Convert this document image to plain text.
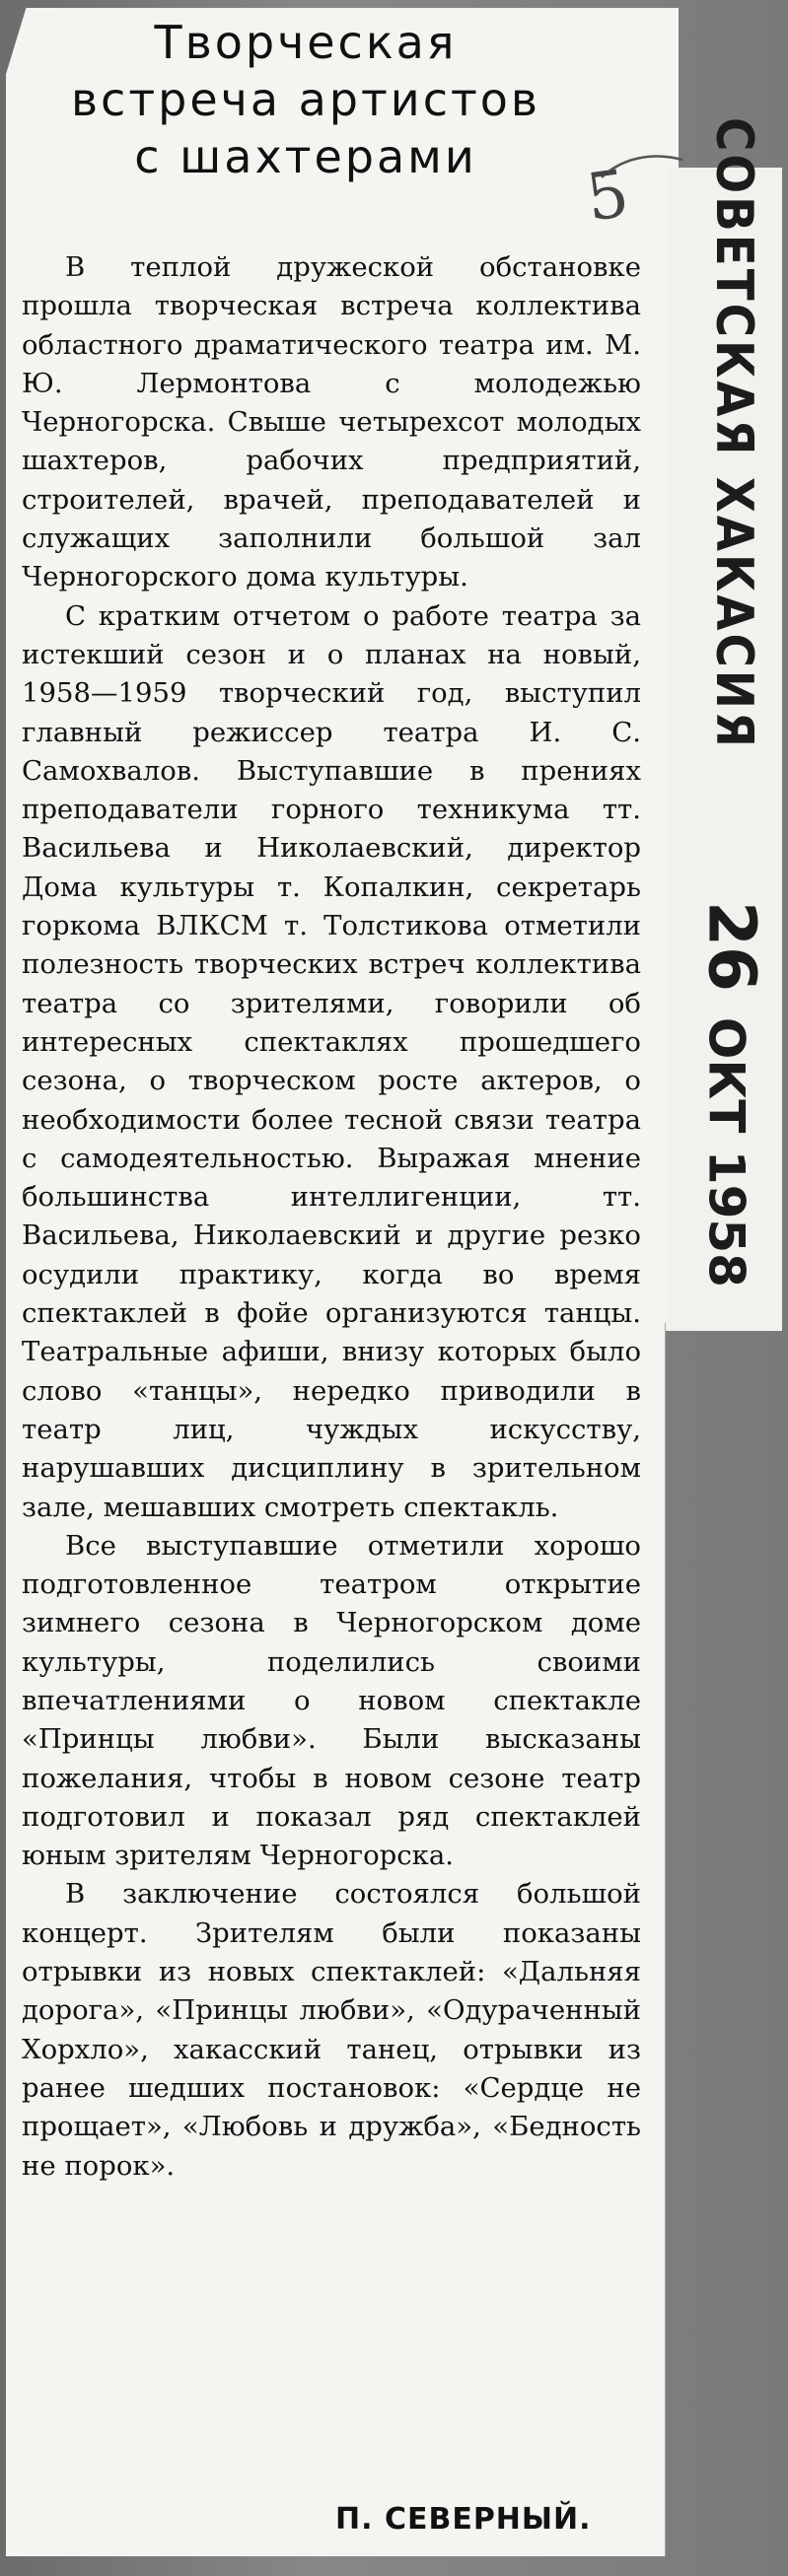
Творческая
встреча артистов
с шахтерами	5 СОВЕТСКАЯ ХАКАСИЯ
26ОКТ 1958

В теплой дружеской обстановке прошла творческая встреча коллектива областного драматического театра им. М. Ю. Лермонтова с молодежью Черногорска. Свыше четырехсот молодых шахтеров, рабочих предприятий, строителей, врачей, преподавателей и служащих заполнили большой зал Черногорского дома культуры.

С кратким отчетом о работе театра за истекший сезон и о планах на новый, 1958—1959 творческий год, выступил главный режиссер театра И. С. Самохвалов. Выступавшие в прениях преподаватели горного техникума тт. Васильева и Николаевский, директор Дома культуры т. Копалкин, секретарь горкома ВЛКСМ т. Толстикова отметили полезность творческих встреч коллектива театра со зрителями, говорили об интересных спектаклях прошедшего сезона, о творческом росте актеров, о необходимости более тесной связи театра с самодеятельностью. Выражая мнение большинства интеллигенции, тт. Васильева, Николаевский и другие резко осудили практику, когда во время спектаклей в фойе организуются танцы. Театральные афиши, внизу которых было слово «танцы», нередко приводили в театр лиц, чуждых искусству, нарушавших дисциплину в зрительном зале, мешавших смотреть спектакль.

Все выступавшие отметили хорошо подготовленное театром открытие зимнего сезона в Черногорском доме культуры, поделились своими впечатлениями о новом спектакле «Принцы любви». Были высказаны пожелания, чтобы в новом сезоне театр подготовил и показал ряд спектаклей юным зрителям Черногорска.

В заключение состоялся большой концерт. Зрителям были показаны отрывки из новых спектаклей: «Дальняя дорога», «Принцы любви», «Одураченный Хорхло», хакасский танец, отрывки из ранее шедших постановок: «Сердце не прощает», «Любовь и дружба», «Бедность не порок».

П. СЕВЕРНЫЙ.
